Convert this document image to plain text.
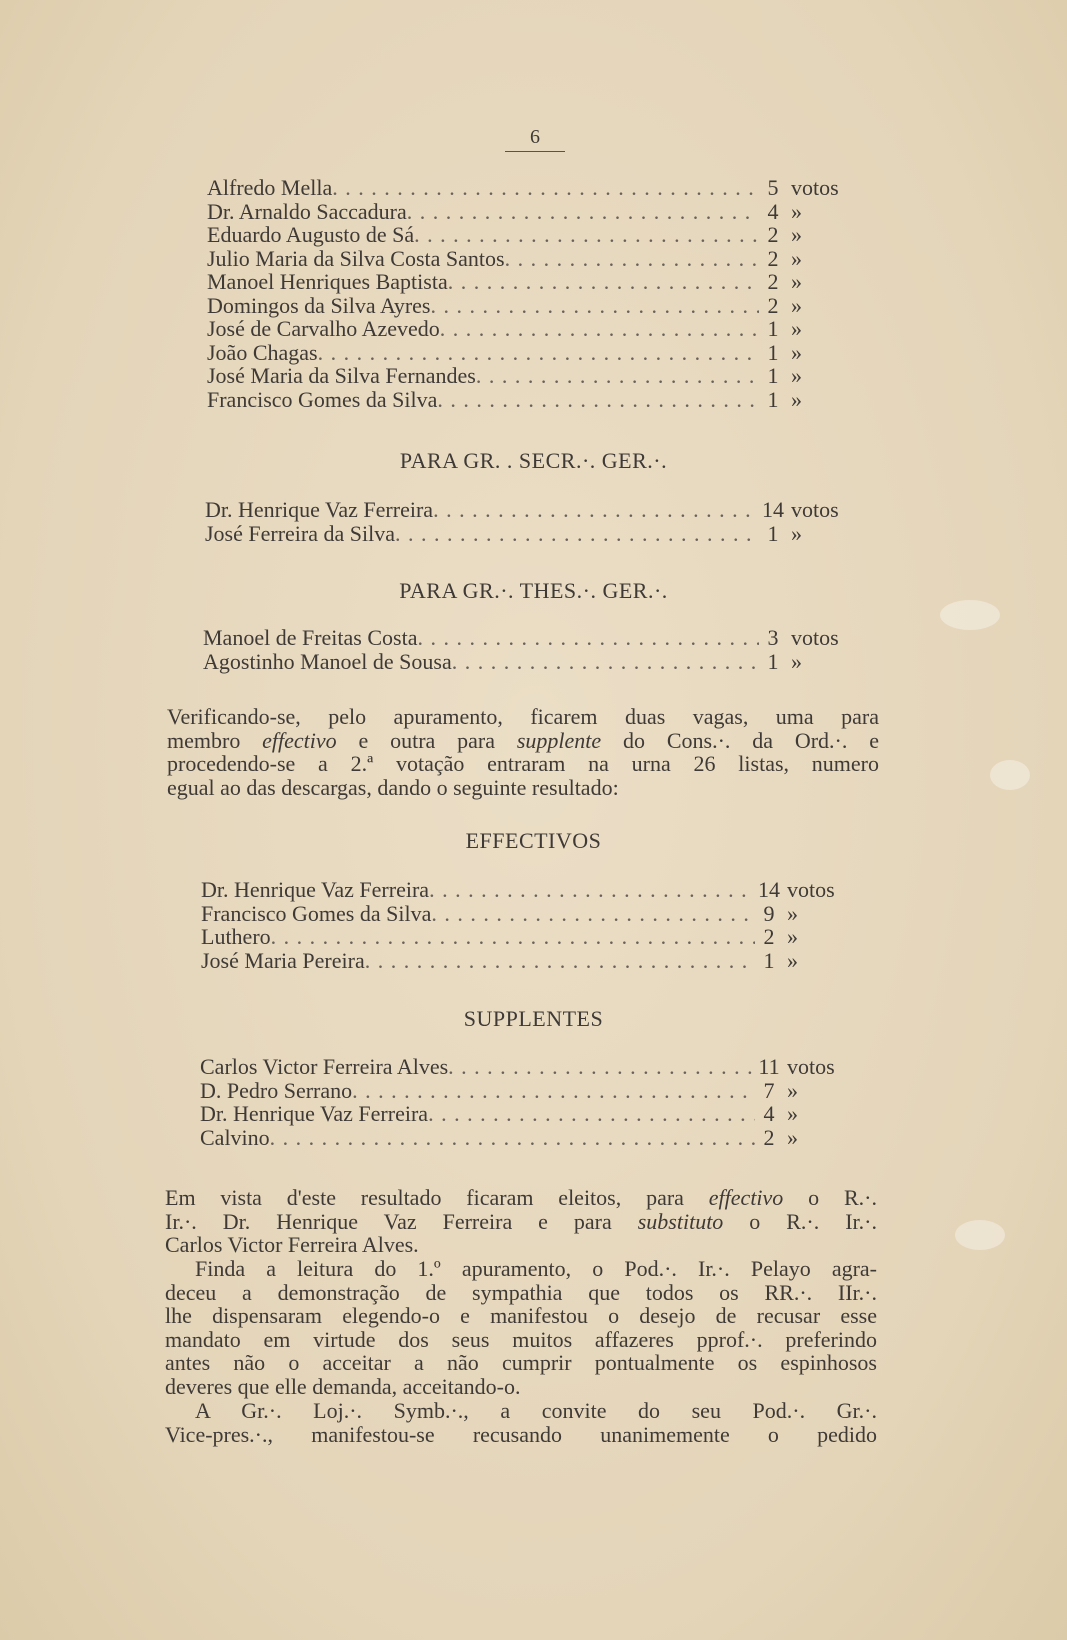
6
Alfredo Mella . . .	5 votos
Dr. Arnaldo Saccadura . . .	4 »
Eduardo Augusto de Sá . . .	2 »
Julio Maria da Silva Costa Santos . . .	2 »
Manoel Henriques Baptista . . .	2 »
Domingos da Silva Ayres . . .	2 »
José de Carvalho Azevedo . . .	1 »
João Chagas . . .	1 »
José Maria da Silva Fernandes . . .	1 »
Francisco Gomes da Silva . . .	1 »
PARA GR. . SECR.·. GER.·.
Dr. Henrique Vaz Ferreira . . .	14 votos
José Ferreira da Silva . . .	1 »
PARA GR.·. THES.·. GER.·.
Manoel de Freitas Costa . . .	3 votos
Agostinho Manoel de Sousa . . .	1 »
Verificando-se, pelo apuramento, ficarem duas vagas, uma para
membro effectivo e outra para supplente do Cons.·. da Ord.·. e
procedendo-se a 2.ª votação entraram na urna 26 listas, numero
egual ao das descargas, dando o seguinte resultado:
EFFECTIVOS
Dr. Henrique Vaz Ferreira . . .	14 votos
Francisco Gomes da Silva . . .	9 »
Luthero . . .	2 »
José Maria Pereira . . .	1 »
SUPPLENTES
Carlos Victor Ferreira Alves . . .	11 votos
D. Pedro Serrano . . .	7 »
Dr. Henrique Vaz Ferreira . . .	4 »
Calvino . . .	2 »
Em vista d'este resultado ficaram eleitos, para effectivo o R.·.
Ir.·. Dr. Henrique Vaz Ferreira e para substituto o R.·. Ir.·.
Carlos Victor Ferreira Alves.
Finda a leitura do 1.º apuramento, o Pod.·. Ir.·. Pelayo agra-
deceu a demonstração de sympathia que todos os RR.·. IIr.·.
lhe dispensaram elegendo-o e manifestou o desejo de recusar esse
mandato em virtude dos seus muitos affazeres pprof.·. preferindo
antes não o acceitar a não cumprir pontualmente os espinhosos
deveres que elle demanda, acceitando-o.
A Gr.·. Loj.·. Symb.·., a convite do seu Pod.·. Gr.·.
Vice-pres.·., manifestou-se recusando unanimemente o pedido
